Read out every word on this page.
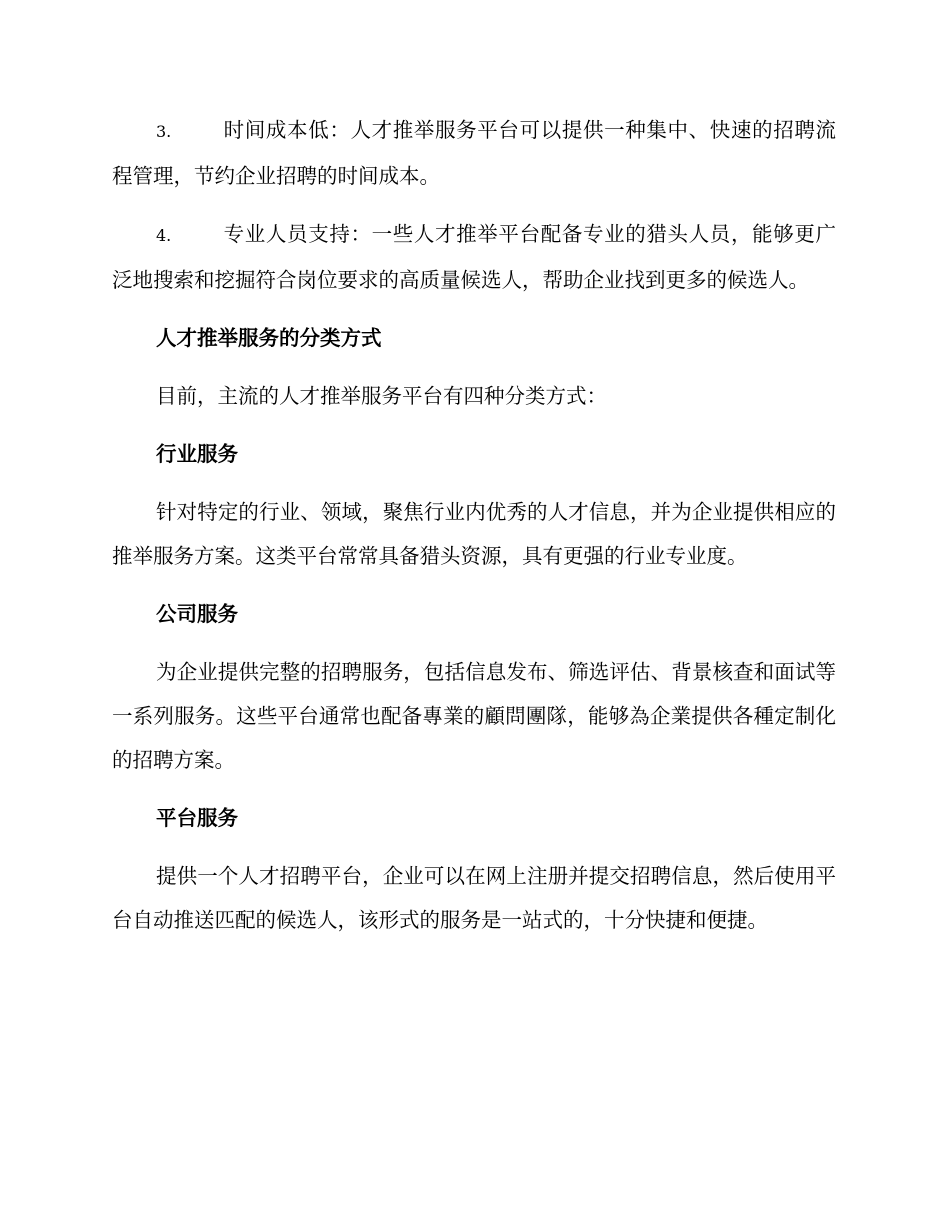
3.	时间成本低：人才推举服务平台可以提供一种集中、快速的招聘流程管理，节约企业招聘的时间成本。

4.	专业人员支持：一些人才推举平台配备专业的猎头人员，能够更广泛地搜索和挖掘符合岗位要求的高质量候选人，帮助企业找到更多的候选人。

人才推举服务的分类方式

目前，主流的人才推举服务平台有四种分类方式：

行业服务

针对特定的行业、领域，聚焦行业内优秀的人才信息，并为企业提供相应的推举服务方案。这类平台常常具备猎头资源，具有更强的行业专业度。

公司服务

为企业提供完整的招聘服务，包括信息发布、筛选评估、背景核查和面试等一系列服务。这些平台通常也配备專業的顧問團隊，能够為企業提供各種定制化的招聘方案。

平台服务

提供一个人才招聘平台，企业可以在网上注册并提交招聘信息，然后使用平台自动推送匹配的候选人，该形式的服务是一站式的，十分快捷和便捷。
